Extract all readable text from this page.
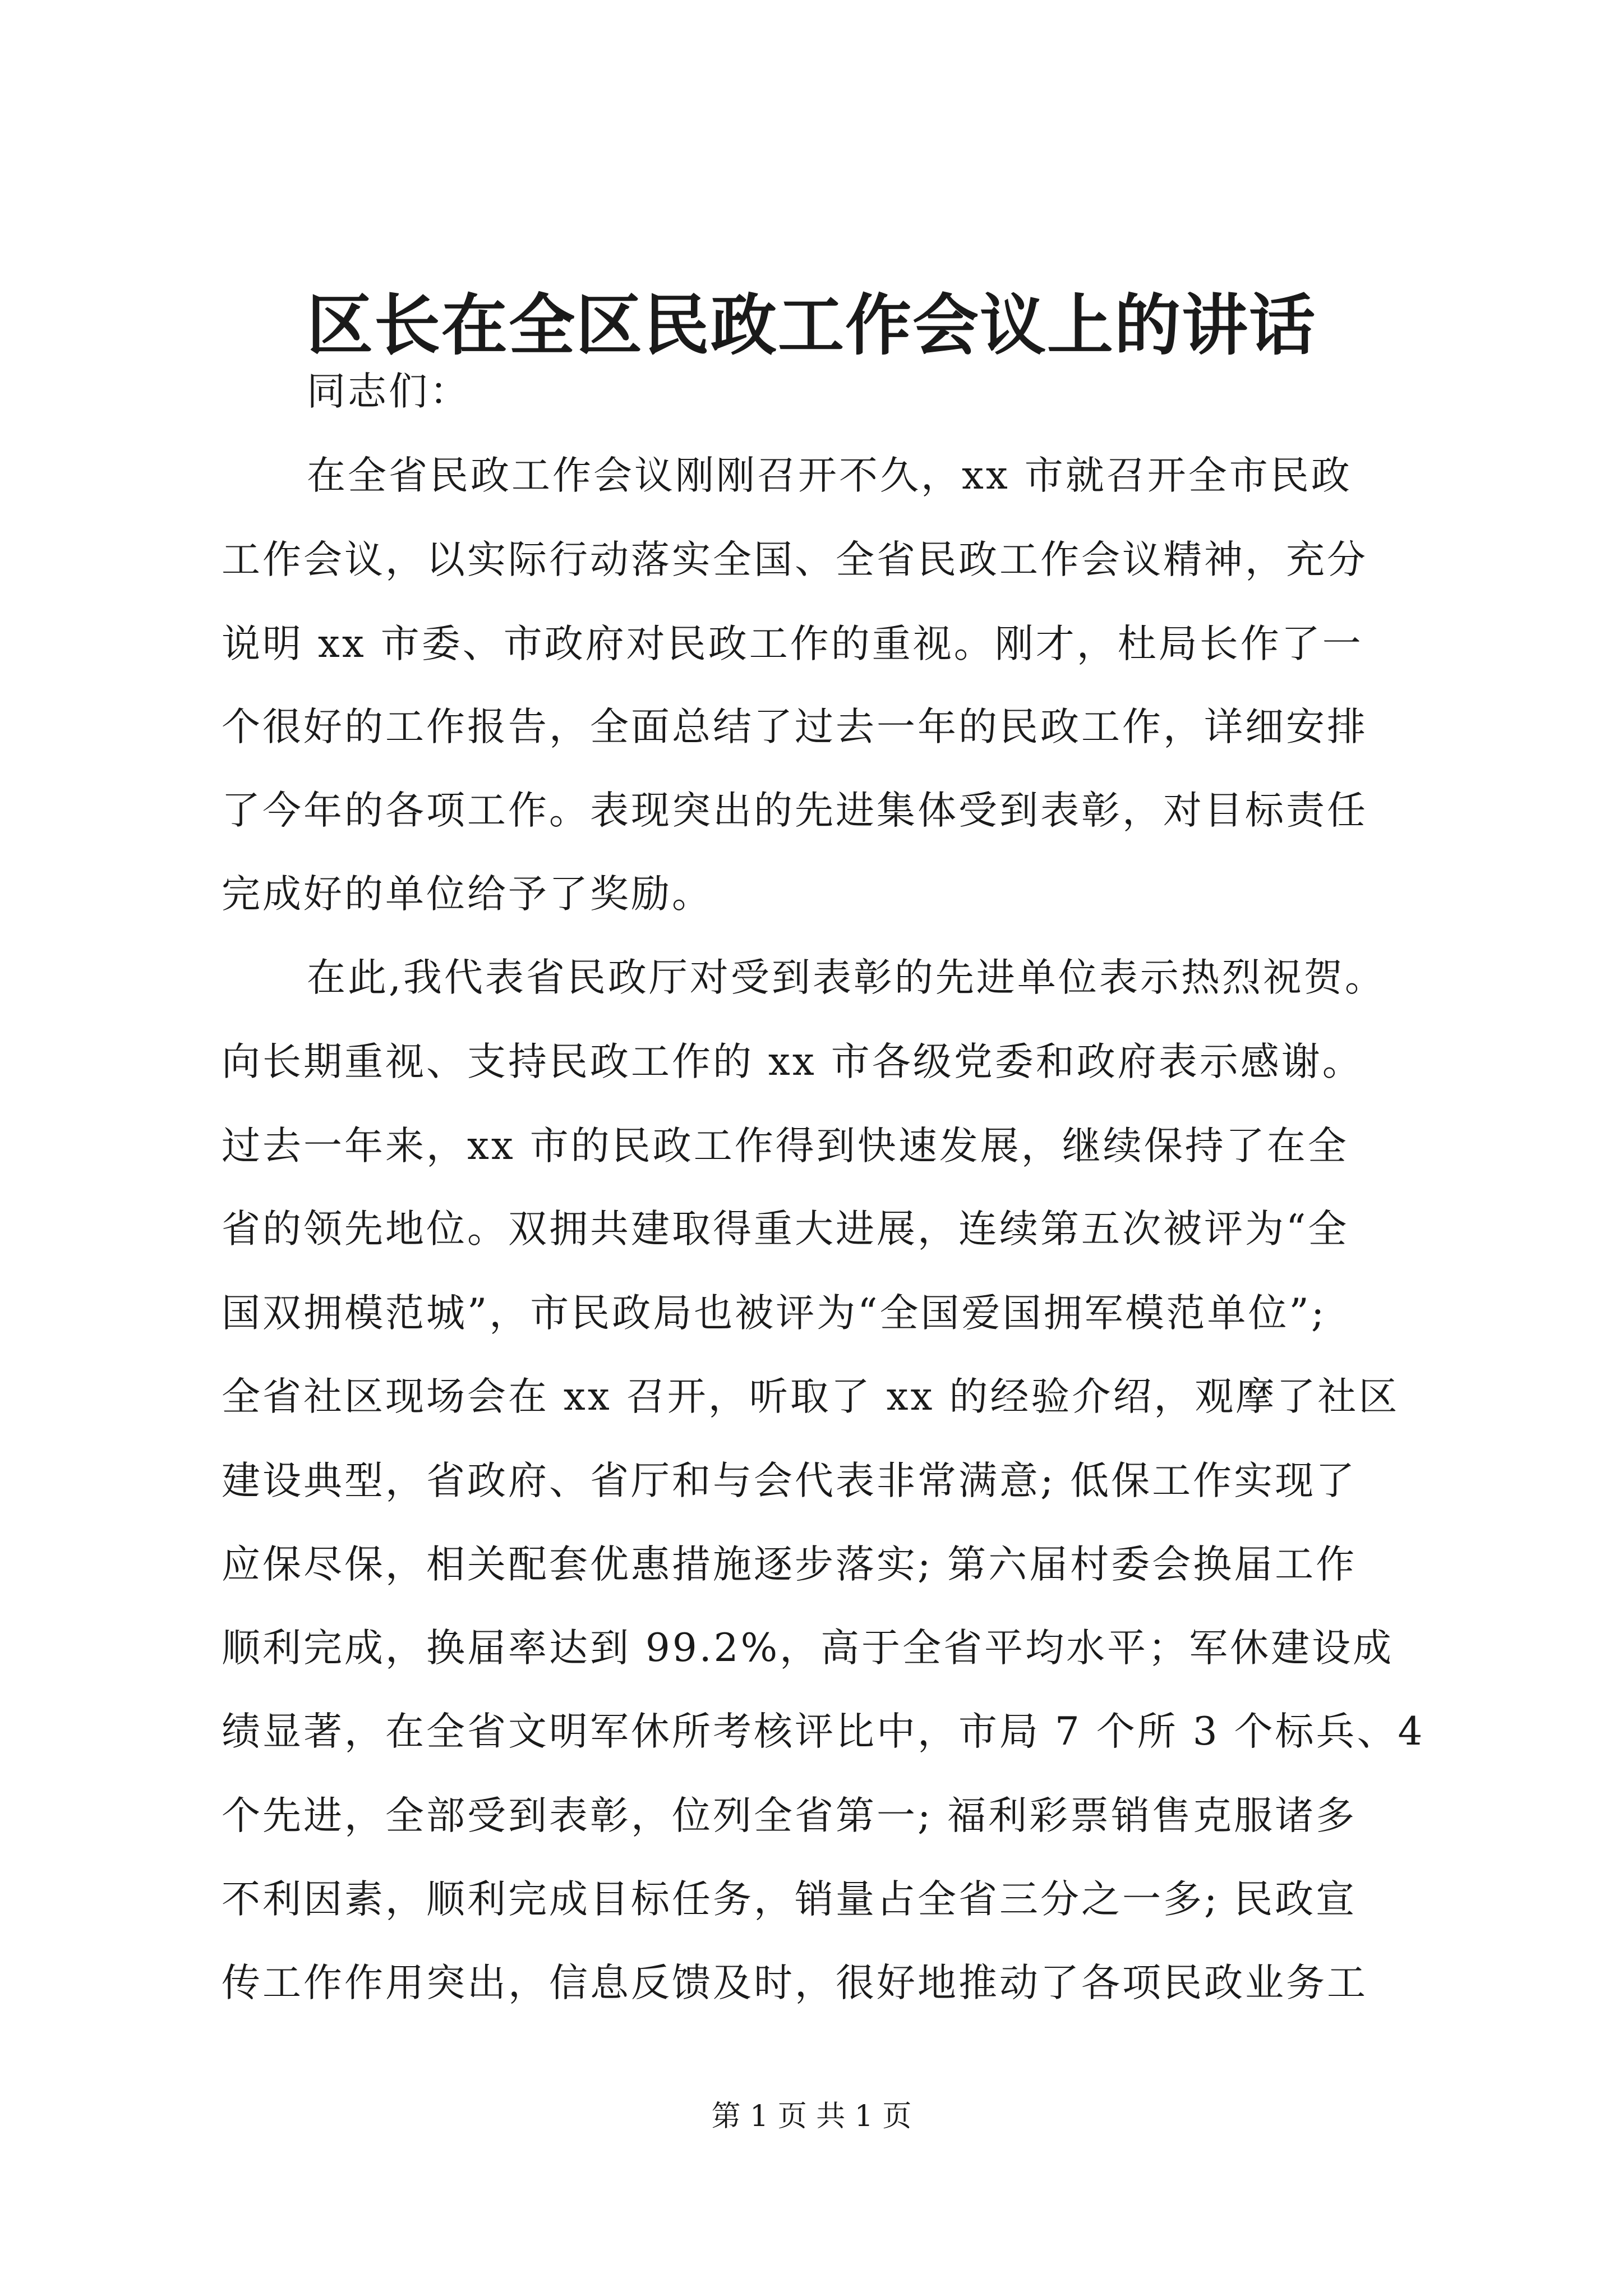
区长在全区民政工作会议上的讲话
同志们：
在全省民政工作会议刚刚召开不久，xx 市就召开全市民政
工作会议，以实际行动落实全国、全省民政工作会议精神，充分
说明 xx 市委、市政府对民政工作的重视。刚才，杜局长作了一
个很好的工作报告，全面总结了过去一年的民政工作，详细安排
了今年的各项工作。表现突出的先进集体受到表彰，对目标责任
完成好的单位给予了奖励。
在此,我代表省民政厅对受到表彰的先进单位表示热烈祝贺。
向长期重视、支持民政工作的 xx 市各级党委和政府表示感谢。
过去一年来，xx 市的民政工作得到快速发展，继续保持了在全
省的领先地位。双拥共建取得重大进展，连续第五次被评为“全
国双拥模范城”，市民政局也被评为“全国爱国拥军模范单位”;
全省社区现场会在 xx 召开，听取了 xx 的经验介绍，观摩了社区
建设典型，省政府、省厅和与会代表非常满意; 低保工作实现了
应保尽保，相关配套优惠措施逐步落实; 第六届村委会换届工作
顺利完成，换届率达到 99.2%，高于全省平均水平；军休建设成
绩显著，在全省文明军休所考核评比中，市局 7 个所 3 个标兵、4
个先进，全部受到表彰，位列全省第一; 福利彩票销售克服诸多
不利因素，顺利完成目标任务，销量占全省三分之一多; 民政宣
传工作作用突出，信息反馈及时，很好地推动了各项民政业务工
第 1 页 共 1 页
